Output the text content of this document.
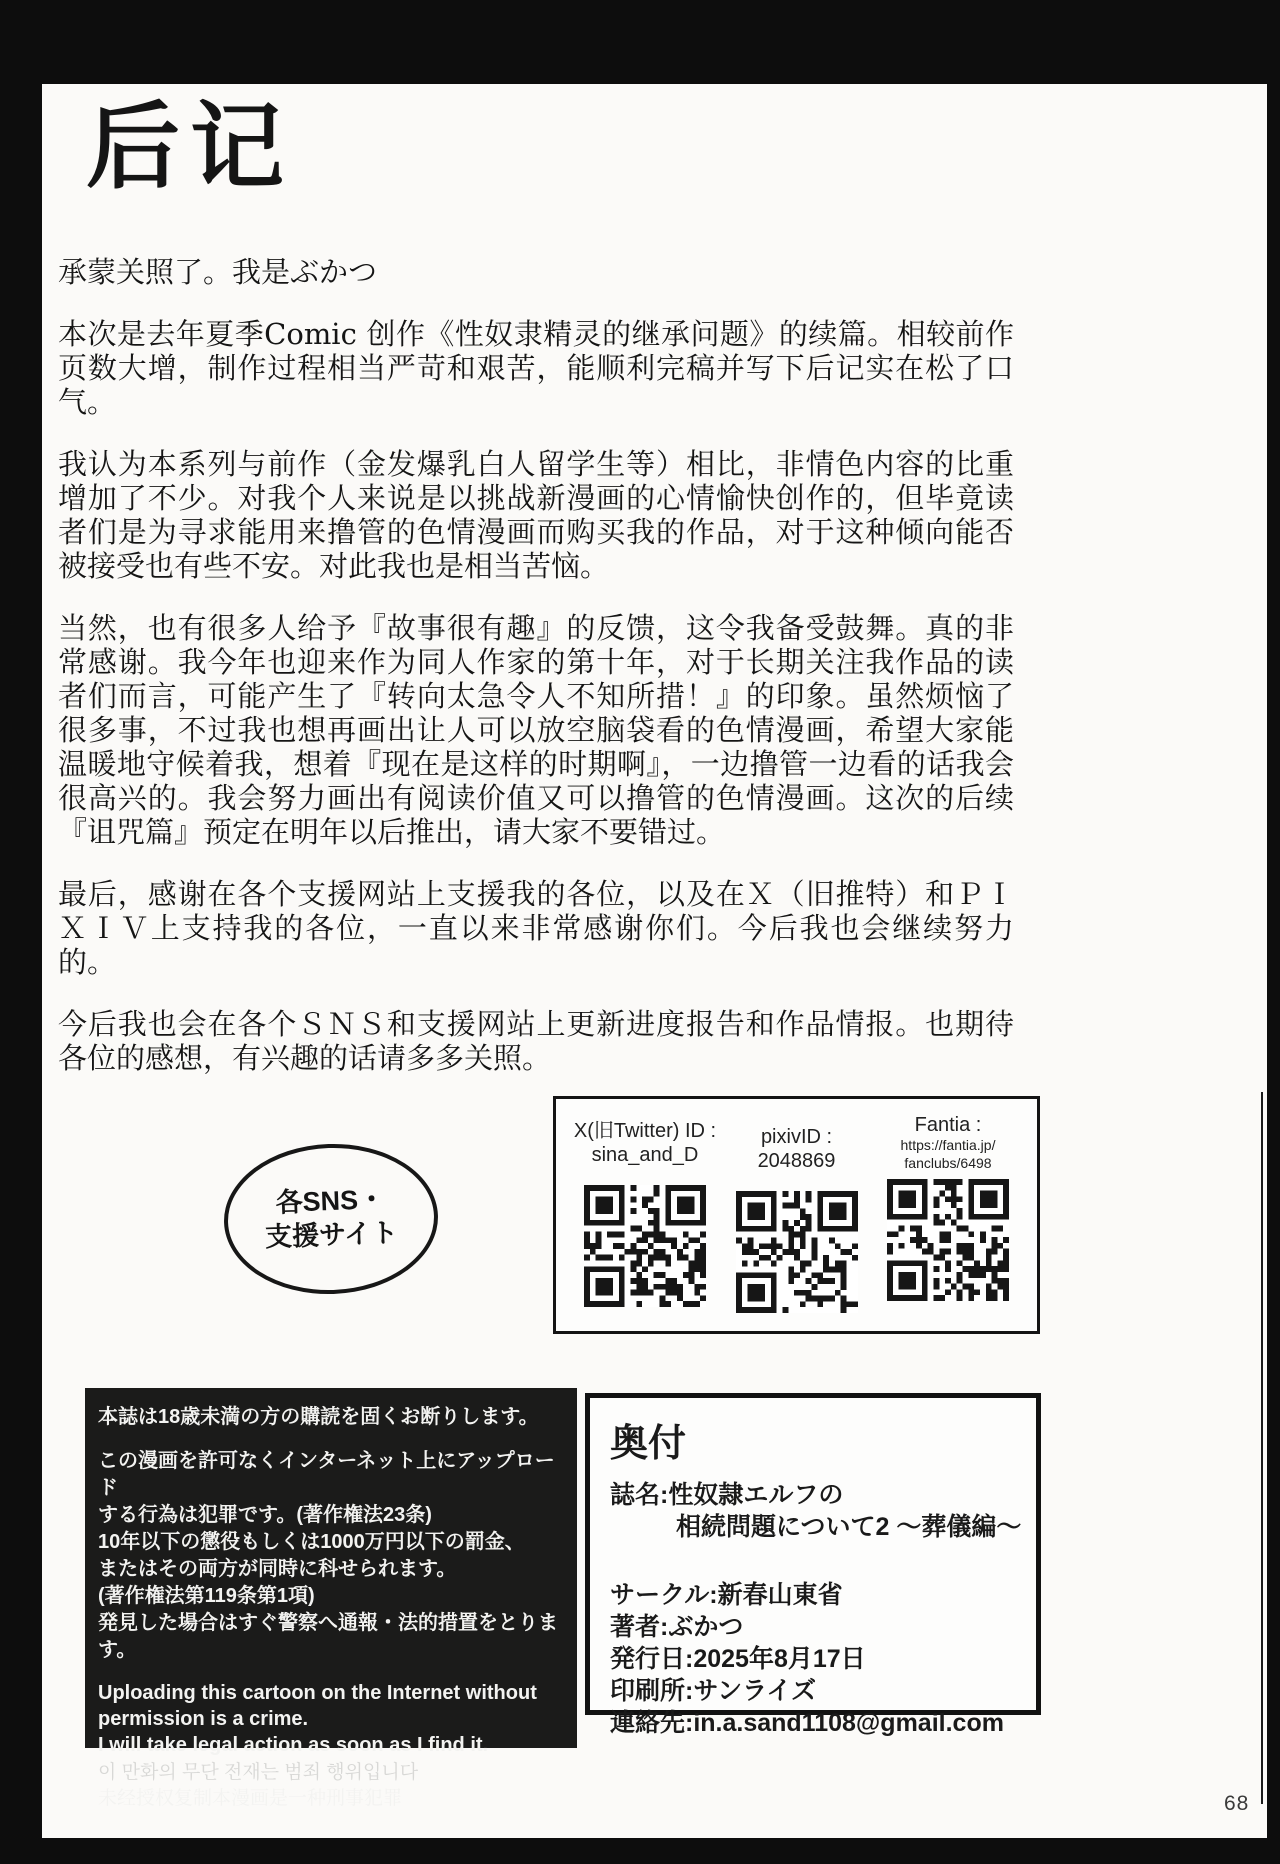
后记

承蒙关照了。我是ぶかつ

本次是去年夏季Comic 创作《性奴隶精灵的继承问题》的续篇。相较前作页数大增，制作过程相当严苛和艰苦，能顺利完稿并写下后记实在松了口气。

我认为本系列与前作（金发爆乳白人留学生等）相比，非情色内容的比重增加了不少。对我个人来说是以挑战新漫画的心情愉快创作的，但毕竟读者们是为寻求能用来撸管的色情漫画而购买我的作品，对于这种倾向能否被接受也有些不安。对此我也是相当苦恼。

当然，也有很多人给予『故事很有趣』的反馈，这令我备受鼓舞。真的非常感谢。我今年也迎来作为同人作家的第十年，对于长期关注我作品的读者们而言，可能产生了『转向太急令人不知所措！』的印象。虽然烦恼了很多事，不过我也想再画出让人可以放空脑袋看的色情漫画，希望大家能温暖地守候着我，想着『现在是这样的时期啊』，一边撸管一边看的话我会很高兴的。我会努力画出有阅读价值又可以撸管的色情漫画。这次的后续『诅咒篇』预定在明年以后推出，请大家不要错过。

最后，感谢在各个支援网站上支援我的各位，以及在Ｘ（旧推特）和ＰＩＸＩＶ上支持我的各位，一直以来非常感谢你们。今后我也会继续努力的。

今后我也会在各个ＳＮＳ和支援网站上更新进度报告和作品情报。也期待各位的感想，有兴趣的话请多多关照。

各SNS・
支援サイト
X(旧Twitter) ID :
sina_and_D
pixivID :
2048869
Fantia :
https://fantia.jp/
fanclubs/6498
本誌は18歳未満の方の購読を固くお断りします。
この漫画を許可なくインターネット上にアップロード
する行為は犯罪です。(著作権法23条)
10年以下の懲役もしくは1000万円以下の罰金、
またはその両方が同時に科せられます。
(著作権法第119条第1項)
発見した場合はすぐ警察へ通報・法的措置をとります。
Uploading this cartoon on the Internet without
permission is a crime.
I will take legal action as soon as I find it.
이 만화의 무단 전재는 범죄 행위입니다
未经授权复制本漫画是一种刑事犯罪
奥付
誌名:性奴隷エルフの
相続問題について2 ～葬儀編～
サークル:新春山東省
著者:ぶかつ
発行日:2025年8月17日
印刷所:サンライズ
連絡先:in.a.sand1108@gmail.com
68
